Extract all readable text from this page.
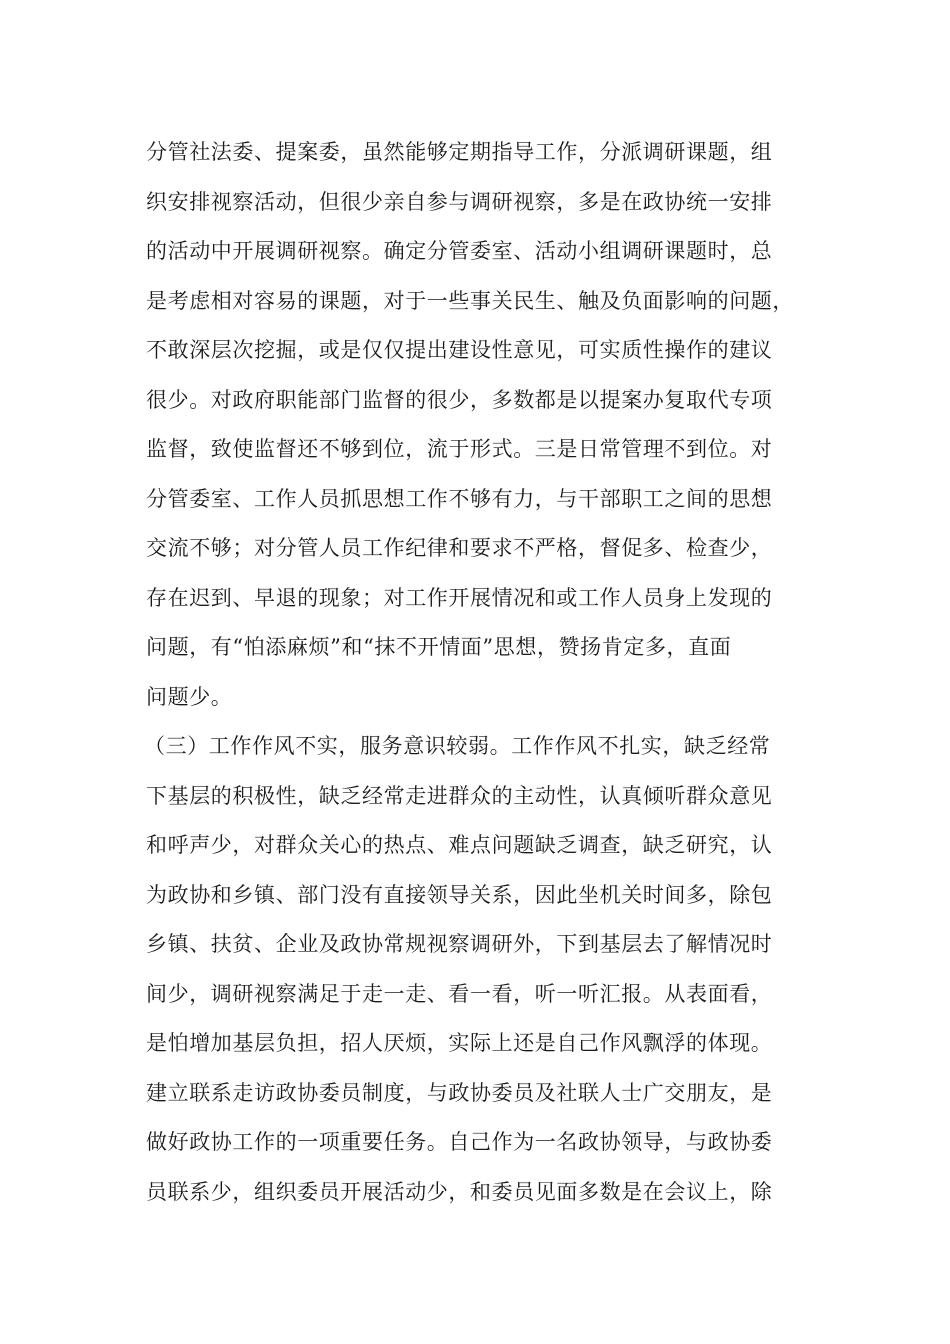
分管社法委、提案委，虽然能够定期指导工作，分派调研课题，组
织安排视察活动，但很少亲自参与调研视察，多是在政协统一安排
的活动中开展调研视察。确定分管委室、活动小组调研课题时，总
是考虑相对容易的课题，对于一些事关民生、触及负面影响的问题，
不敢深层次挖掘，或是仅仅提出建设性意见，可实质性操作的建议
很少。对政府职能部门监督的很少，多数都是以提案办复取代专项
监督，致使监督还不够到位，流于形式。三是日常管理不到位。对
分管委室、工作人员抓思想工作不够有力，与干部职工之间的思想
交流不够；对分管人员工作纪律和要求不严格，督促多、检查少，
存在迟到、早退的现象；对工作开展情况和或工作人员身上发现的
问题，有“怕添麻烦”和“抹不开情面”思想，赞扬肯定多，直面
问题少。
（三）工作作风不实，服务意识较弱。工作作风不扎实，缺乏经常
下基层的积极性，缺乏经常走进群众的主动性，认真倾听群众意见
和呼声少，对群众关心的热点、难点问题缺乏调查，缺乏研究，认
为政协和乡镇、部门没有直接领导关系，因此坐机关时间多，除包
乡镇、扶贫、企业及政协常规视察调研外，下到基层去了解情况时
间少，调研视察满足于走一走、看一看，听一听汇报。从表面看，
是怕增加基层负担，招人厌烦，实际上还是自己作风飘浮的体现。
建立联系走访政协委员制度，与政协委员及社联人士广交朋友，是
做好政协工作的一项重要任务。自己作为一名政协领导，与政协委
员联系少，组织委员开展活动少，和委员见面多数是在会议上，除
